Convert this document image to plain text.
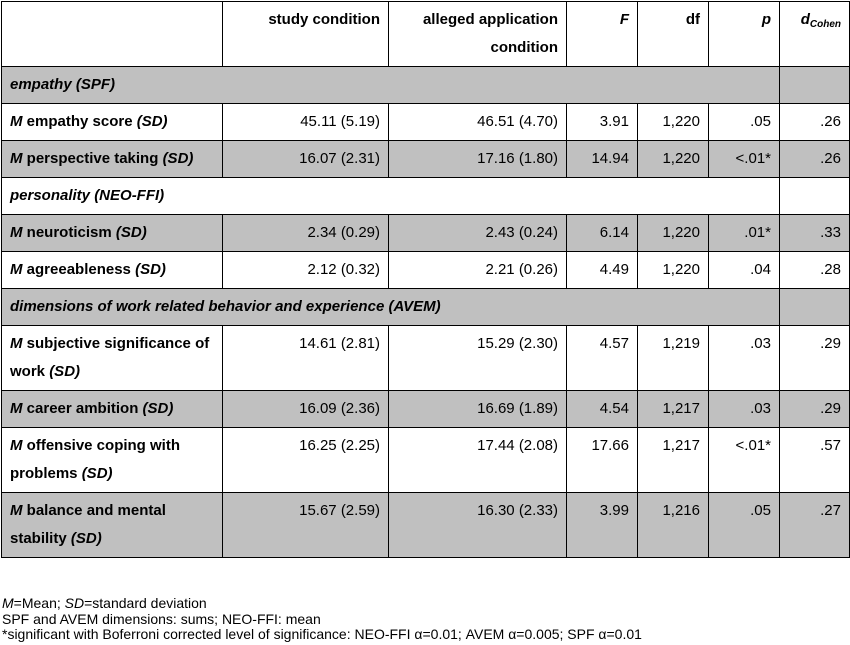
	study condition	alleged application condition	F	df	p	$d_{Cohen}$
empathy (SPF)						
M empathy score (SD)	45.11 (5.19)	46.51 (4.70)	3.91	1,220	.05	.26
M perspective taking (SD)	16.07 (2.31)	17.16 (1.80)	14.94	1,220	<.01*	.26
personality (NEO-FFI)						
M neuroticism (SD)	2.34 (0.29)	2.43 (0.24)	6.14	1,220	.01*	.33
M agreeableness (SD)	2.12 (0.32)	2.21 (0.26)	4.49	1,220	.04	.28
dimensions of work related behavior and experience (AVEM)						
M subjective significance of work (SD)	14.61 (2.81)	15.29 (2.30)	4.57	1,219	.03	.29
M career ambition (SD)	16.09 (2.36)	16.69 (1.89)	4.54	1,217	.03	.29
M offensive coping with problems (SD)	16.25 (2.25)	17.44 (2.08)	17.66	1,217	<.01*	.57
M balance and mental stability (SD)	15.67 (2.59)	16.30 (2.33)	3.99	1,216	.05	.27
M=Mean; SD=standard deviation
SPF and AVEM dimensions: sums; NEO-FFI: mean
*significant with Boferroni corrected level of significance: NEO-FFI α=0.01; AVEM α=0.005; SPF α=0.01
